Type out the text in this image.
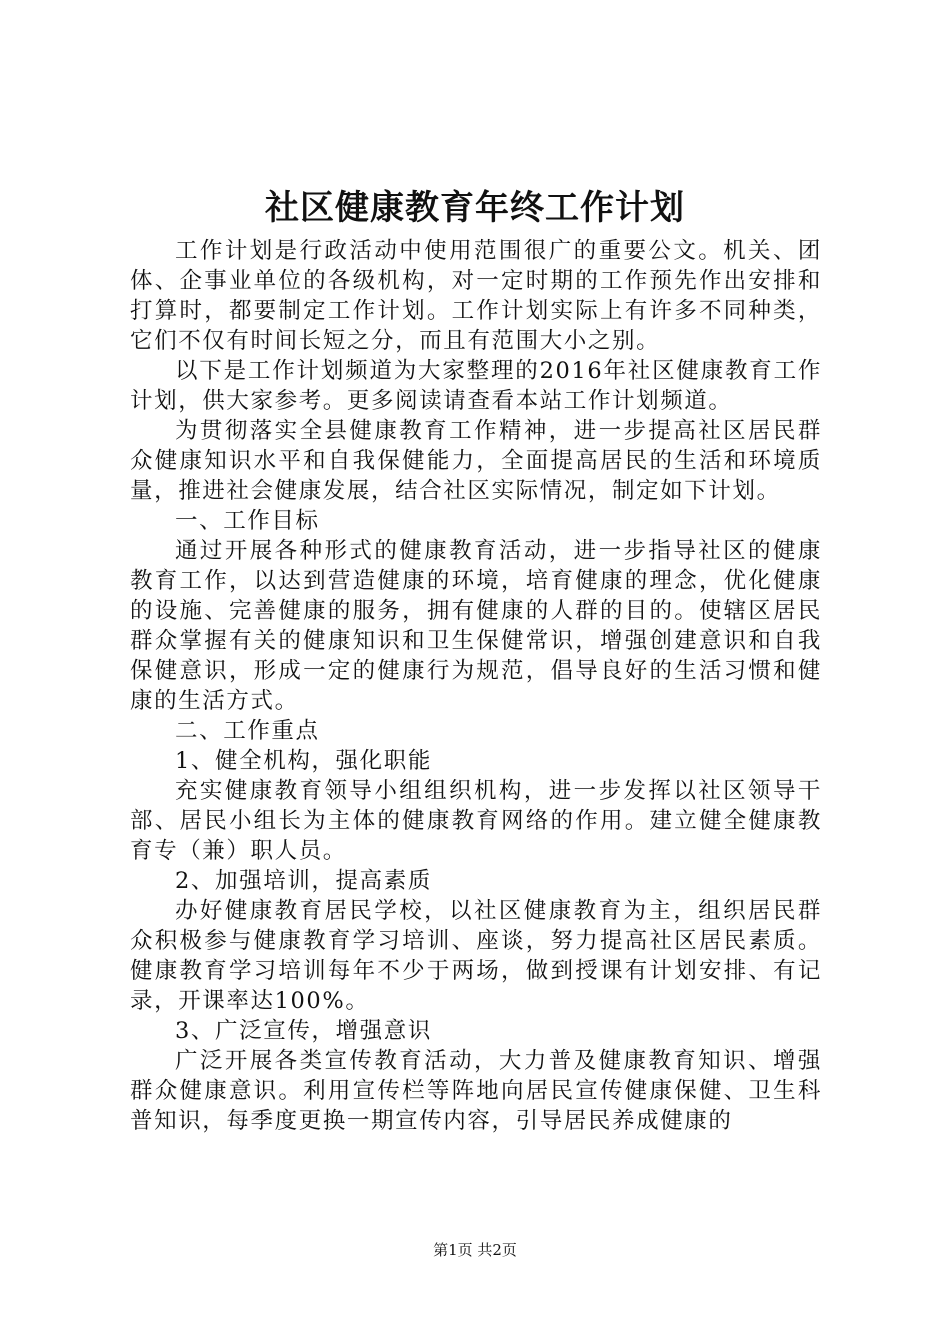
社区健康教育年终工作计划

工作计划是行政活动中使用范围很广的重要公文。机关、团体、企事业单位的各级机构，对一定时期的工作预先作出安排和打算时，都要制定工作计划。工作计划实际上有许多不同种类，它们不仅有时间长短之分，而且有范围大小之别。

以下是工作计划频道为大家整理的2016年社区健康教育工作计划，供大家参考。更多阅读请查看本站工作计划频道。

为贯彻落实全县健康教育工作精神，进一步提高社区居民群众健康知识水平和自我保健能力，全面提高居民的生活和环境质量，推进社会健康发展，结合社区实际情况，制定如下计划。

一、工作目标

通过开展各种形式的健康教育活动，进一步指导社区的健康教育工作，以达到营造健康的环境，培育健康的理念，优化健康的设施、完善健康的服务，拥有健康的人群的目的。使辖区居民群众掌握有关的健康知识和卫生保健常识，增强创建意识和自我保健意识，形成一定的健康行为规范，倡导良好的生活习惯和健康的生活方式。

二、工作重点

1、健全机构，强化职能

充实健康教育领导小组组织机构，进一步发挥以社区领导干部、居民小组长为主体的健康教育网络的作用。建立健全健康教育专（兼）职人员。

2、加强培训，提高素质

办好健康教育居民学校，以社区健康教育为主，组织居民群众积极参与健康教育学习培训、座谈，努力提高社区居民素质。健康教育学习培训每年不少于两场，做到授课有计划安排、有记录，开课率达100%。

3、广泛宣传，增强意识

广泛开展各类宣传教育活动，大力普及健康教育知识、增强群众健康意识。利用宣传栏等阵地向居民宣传健康保健、卫生科普知识，每季度更换一期宣传内容，引导居民养成健康的

第1页 共2页
